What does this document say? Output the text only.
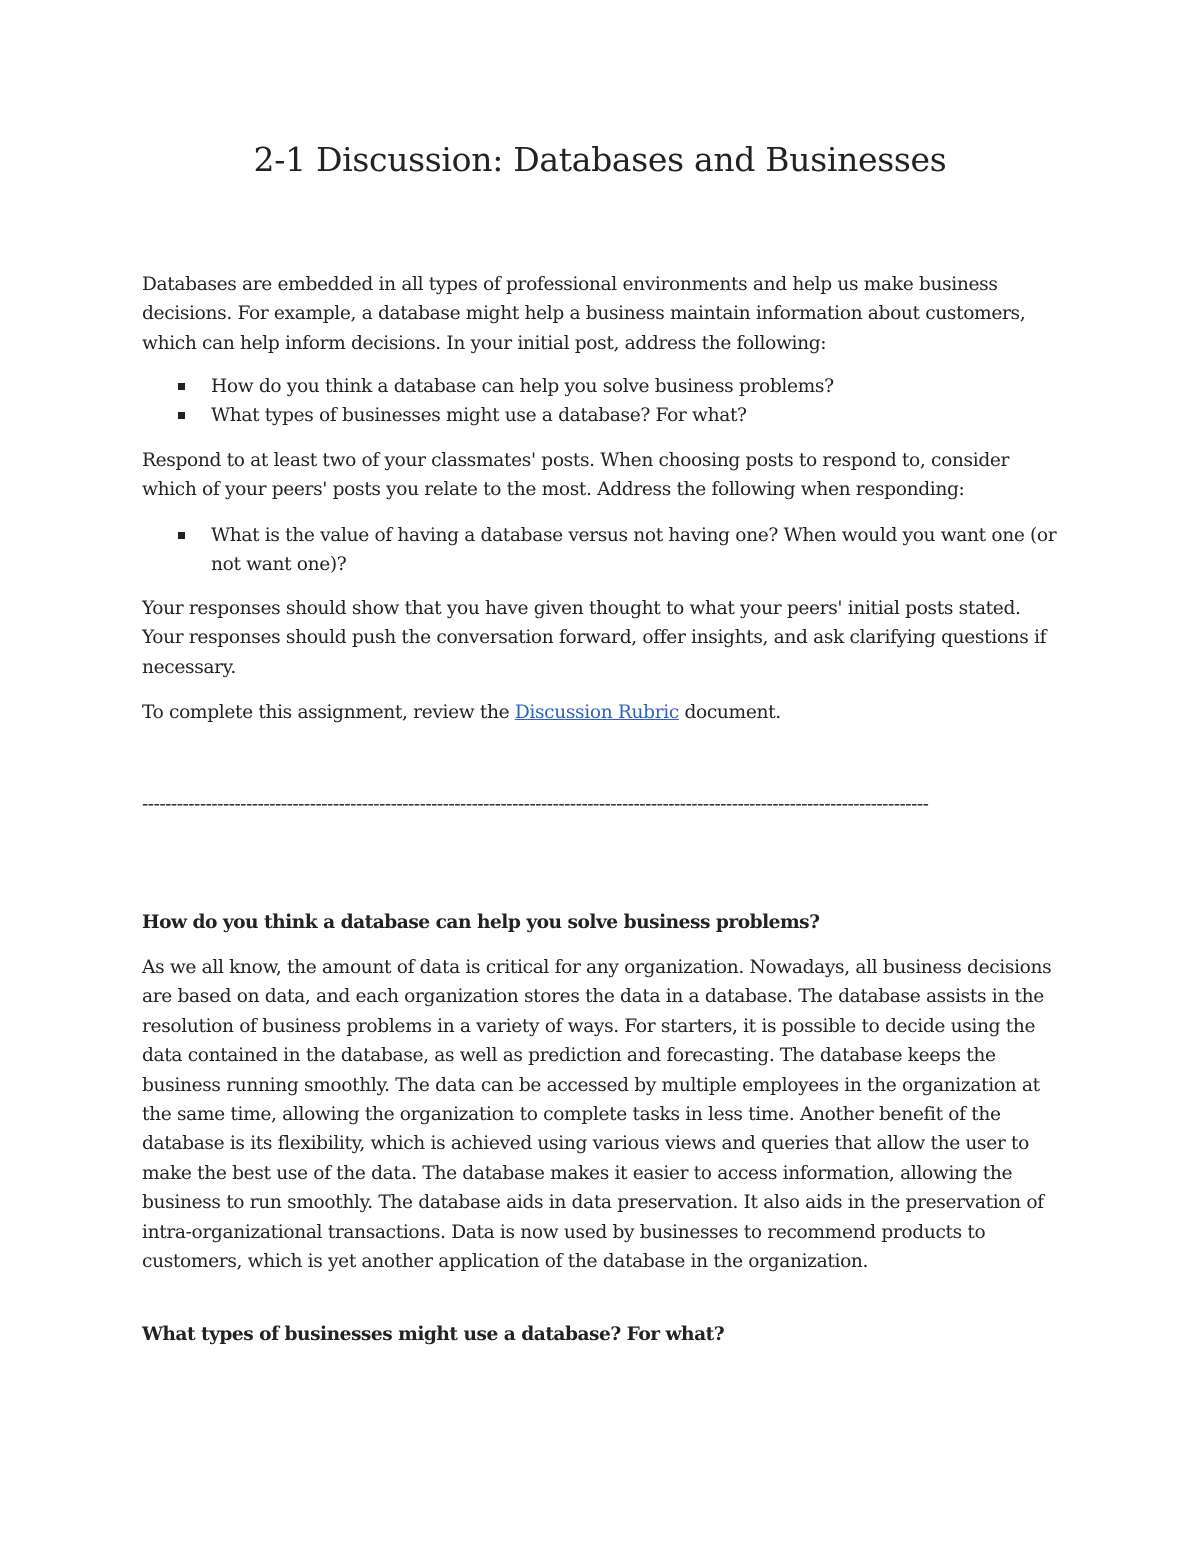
2-1 Discussion: Databases and Businesses

Databases are embedded in all types of professional environments and help us make business decisions. For example, a database might help a business maintain information about customers, which can help inform decisions. In your initial post, address the following:

How do you think a database can help you solve business problems?
What types of businesses might use a database? For what?

Respond to at least two of your classmates' posts. When choosing posts to respond to, consider which of your peers' posts you relate to the most. Address the following when responding:

What is the value of having a database versus not having one? When would you want one (or not want one)?

Your responses should show that you have given thought to what your peers' initial posts stated. Your responses should push the conversation forward, offer insights, and ask clarifying questions if necessary.

To complete this assignment, review the Discussion Rubric document.

----------------------------------------------------------------------------------------------------------------------------------------

How do you think a database can help you solve business problems?

As we all know, the amount of data is critical for any organization. Nowadays, all business decisions are based on data, and each organization stores the data in a database. The database assists in the resolution of business problems in a variety of ways. For starters, it is possible to decide using the data contained in the database, as well as prediction and forecasting. The database keeps the business running smoothly. The data can be accessed by multiple employees in the organization at the same time, allowing the organization to complete tasks in less time. Another benefit of the database is its flexibility, which is achieved using various views and queries that allow the user to make the best use of the data. The database makes it easier to access information, allowing the business to run smoothly. The database aids in data preservation. It also aids in the preservation of intra-organizational transactions. Data is now used by businesses to recommend products to customers, which is yet another application of the database in the organization.

What types of businesses might use a database? For what?
